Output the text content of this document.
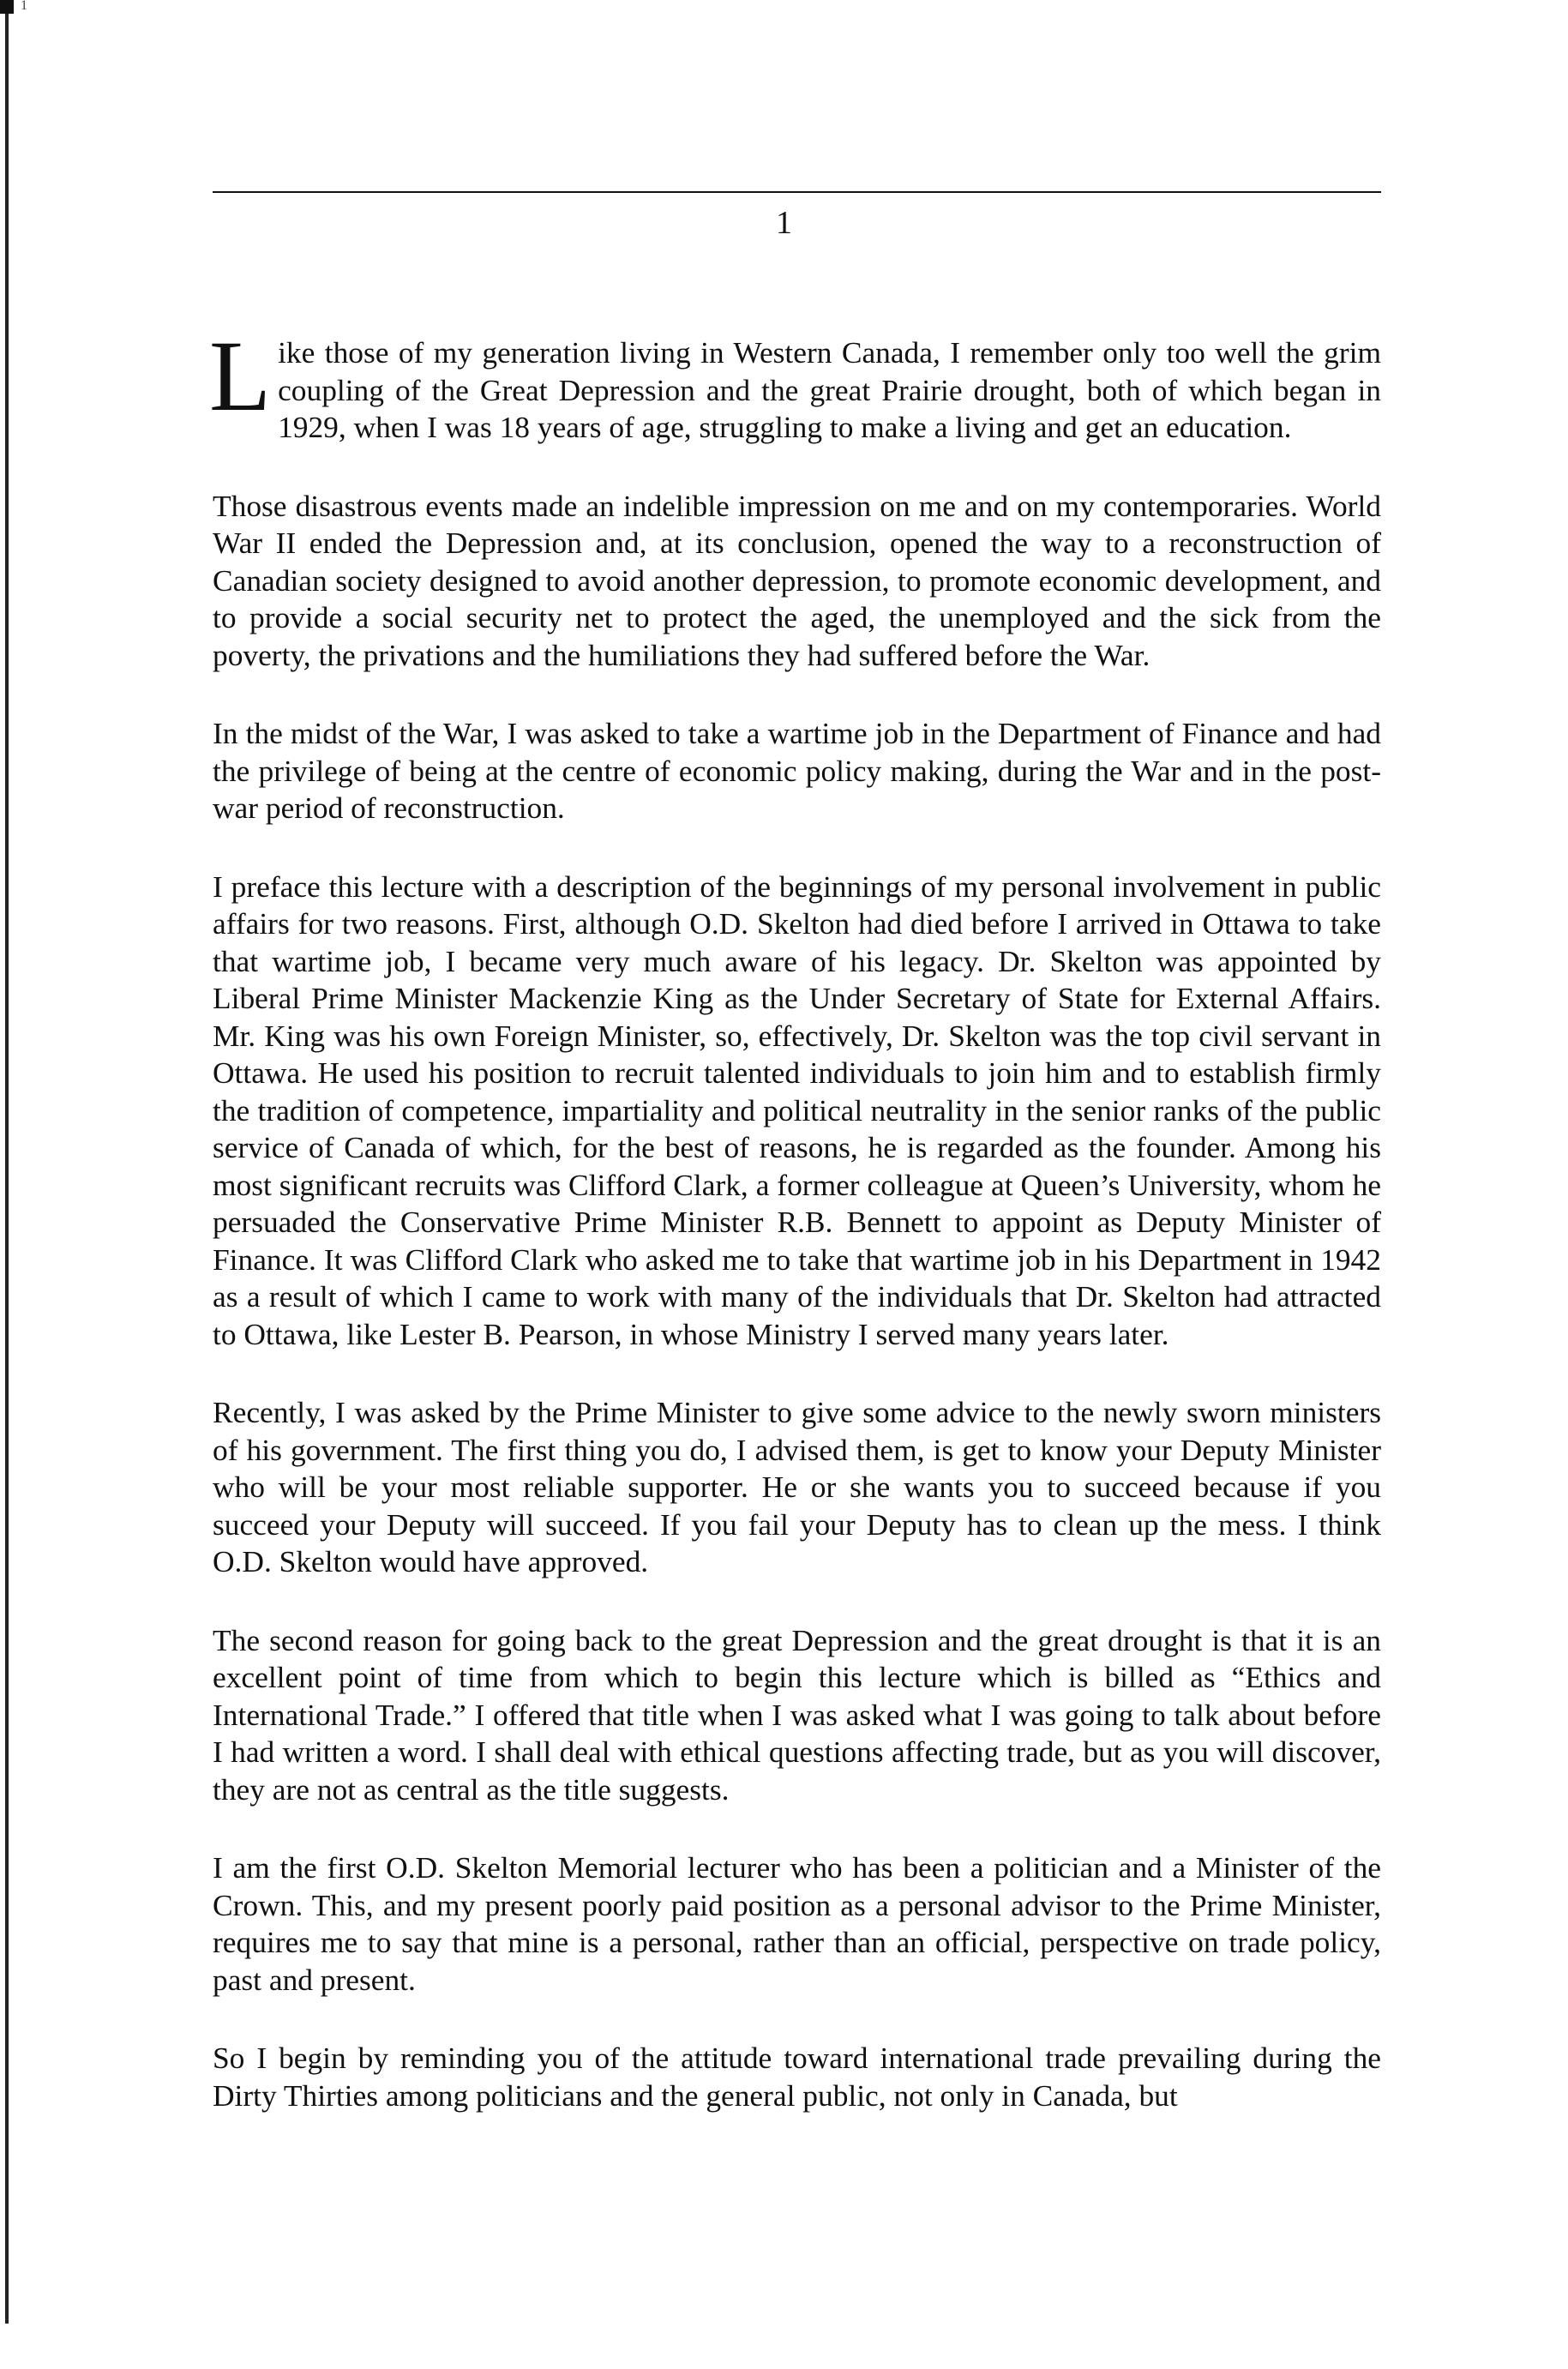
1
1

Like those of my generation living in Western Canada, I remember only too well the grim coupling of the Great Depression and the great Prairie drought, both of which began in 1929, when I was 18 years of age, struggling to make a living and get an education.

Those disastrous events made an indelible impression on me and on my contemporaries. World War II ended the Depression and, at its conclusion, opened the way to a reconstruction of Canadian society designed to avoid another depression, to promote economic development, and to provide a social security net to protect the aged, the unemployed and the sick from the poverty, the privations and the humiliations they had suffered before the War.

In the midst of the War, I was asked to take a wartime job in the Department of Finance and had the privilege of being at the centre of economic policy making, during the War and in the post-war period of reconstruction.

I preface this lecture with a description of the beginnings of my personal involvement in public affairs for two reasons. First, although O.D. Skelton had died before I arrived in Ottawa to take that wartime job, I became very much aware of his legacy. Dr. Skelton was appointed by Liberal Prime Minister Mackenzie King as the Under Secretary of State for External Affairs. Mr. King was his own Foreign Minister, so, effectively, Dr. Skelton was the top civil servant in Ottawa. He used his position to recruit talented individuals to join him and to establish firmly the tradition of competence, impartiality and political neutrality in the senior ranks of the public service of Canada of which, for the best of reasons, he is regarded as the founder. Among his most significant recruits was Clifford Clark, a former colleague at Queen’s University, whom he persuaded the Conservative Prime Minister R.B. Bennett to appoint as Deputy Minister of Finance. It was Clifford Clark who asked me to take that wartime job in his Department in 1942 as a result of which I came to work with many of the individuals that Dr. Skelton had attracted to Ottawa, like Lester B. Pearson, in whose Ministry I served many years later.

Recently, I was asked by the Prime Minister to give some advice to the newly sworn ministers of his government. The first thing you do, I advised them, is get to know your Deputy Minister who will be your most reliable supporter. He or she wants you to succeed because if you succeed your Deputy will succeed. If you fail your Deputy has to clean up the mess. I think O.D. Skelton would have approved.

The second reason for going back to the great Depression and the great drought is that it is an excellent point of time from which to begin this lecture which is billed as “Ethics and International Trade.” I offered that title when I was asked what I was going to talk about before I had written a word. I shall deal with ethical questions affecting trade, but as you will discover, they are not as central as the title suggests.

I am the first O.D. Skelton Memorial lecturer who has been a politician and a Minister of the Crown. This, and my present poorly paid position as a personal advisor to the Prime Minister, requires me to say that mine is a personal, rather than an official, perspective on trade policy, past and present.

So I begin by reminding you of the attitude toward international trade prevailing during the Dirty Thirties among politicians and the general public, not only in Canada, but
